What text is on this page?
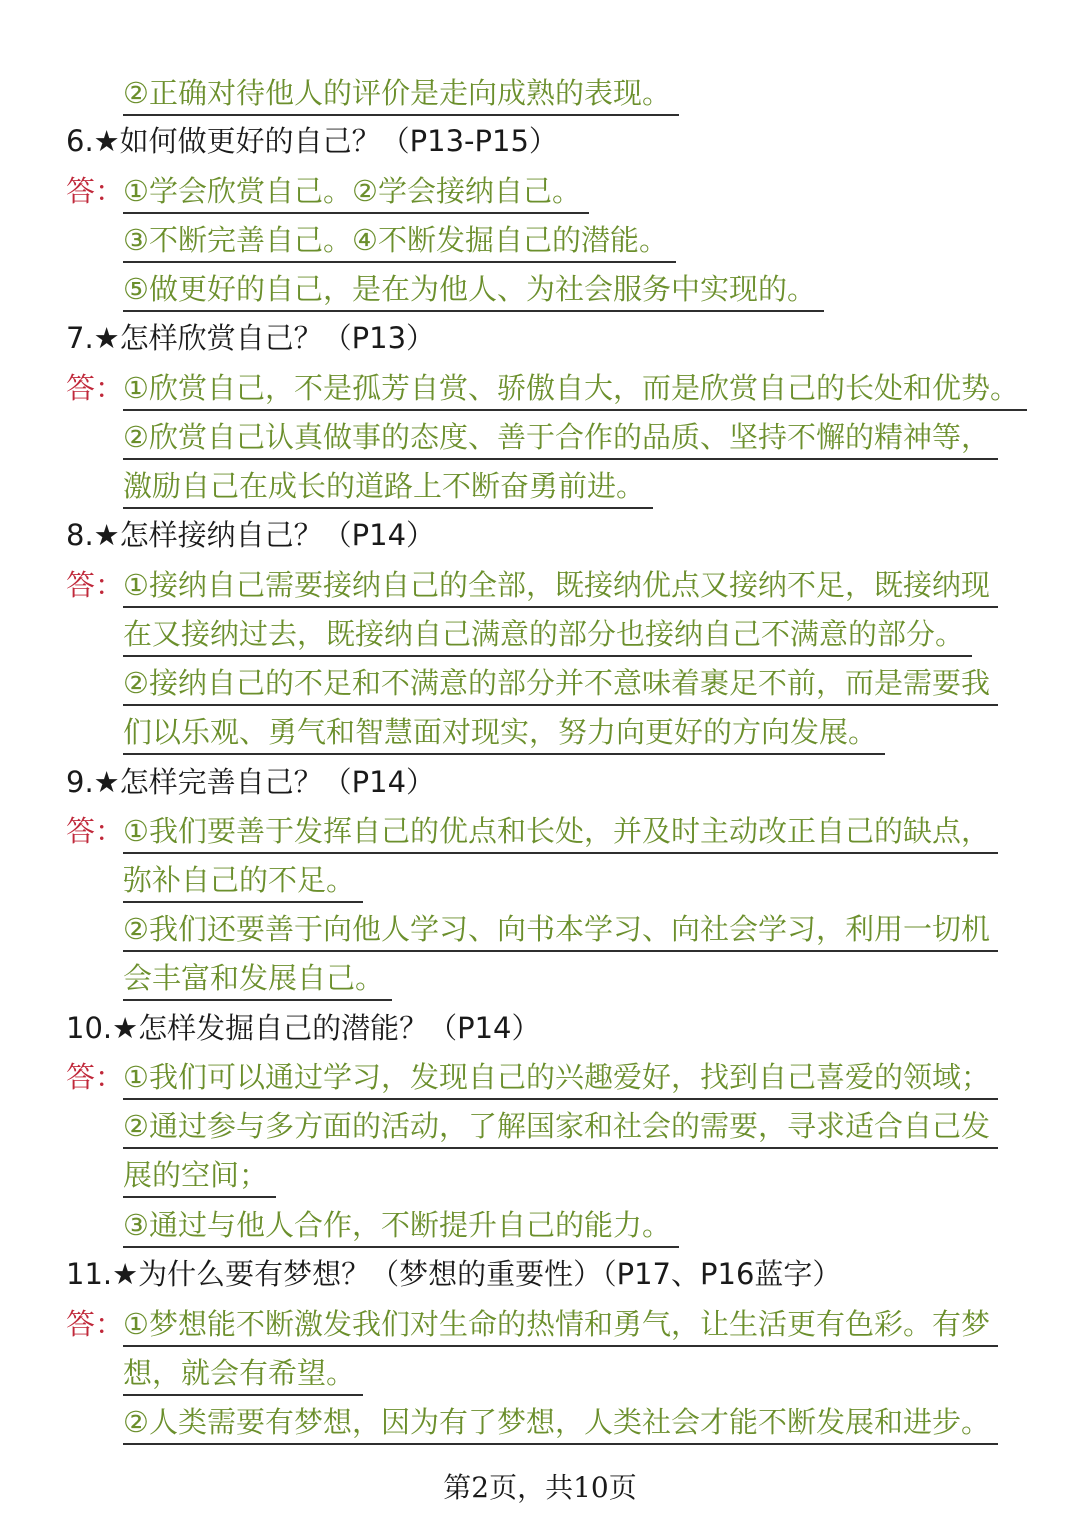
②正确对待他人的评价是走向成熟的表现。
6.★如何做更好的自己？（P13-P15）
答：
①学会欣赏自己。②学会接纳自己。
③不断完善自己。④不断发掘自己的潜能。
⑤做更好的自己，是在为他人、为社会服务中实现的。
7.★怎样欣赏自己？（P13）
答：
①欣赏自己，不是孤芳自赏、骄傲自大，而是欣赏自己的长处和优势。
②欣赏自己认真做事的态度、善于合作的品质、坚持不懈的精神等，
激励自己在成长的道路上不断奋勇前进。
8.★怎样接纳自己？（P14）
答：
①接纳自己需要接纳自己的全部，既接纳优点又接纳不足，既接纳现
在又接纳过去，既接纳自己满意的部分也接纳自己不满意的部分。
②接纳自己的不足和不满意的部分并不意味着裹足不前，而是需要我
们以乐观、勇气和智慧面对现实，努力向更好的方向发展。
9.★怎样完善自己？（P14）
答：
①我们要善于发挥自己的优点和长处，并及时主动改正自己的缺点，
弥补自己的不足。
②我们还要善于向他人学习、向书本学习、向社会学习，利用一切机
会丰富和发展自己。
10.★怎样发掘自己的潜能？（P14）
答：
①我们可以通过学习，发现自己的兴趣爱好，找到自己喜爱的领域；
②通过参与多方面的活动，了解国家和社会的需要，寻求适合自己发
展的空间；
③通过与他人合作，不断提升自己的能力。
11.★为什么要有梦想？（梦想的重要性）（P17、P16蓝字）
答：
①梦想能不断激发我们对生命的热情和勇气，让生活更有色彩。有梦
想，就会有希望。
②人类需要有梦想，因为有了梦想，人类社会才能不断发展和进步。
第2页，共10页
